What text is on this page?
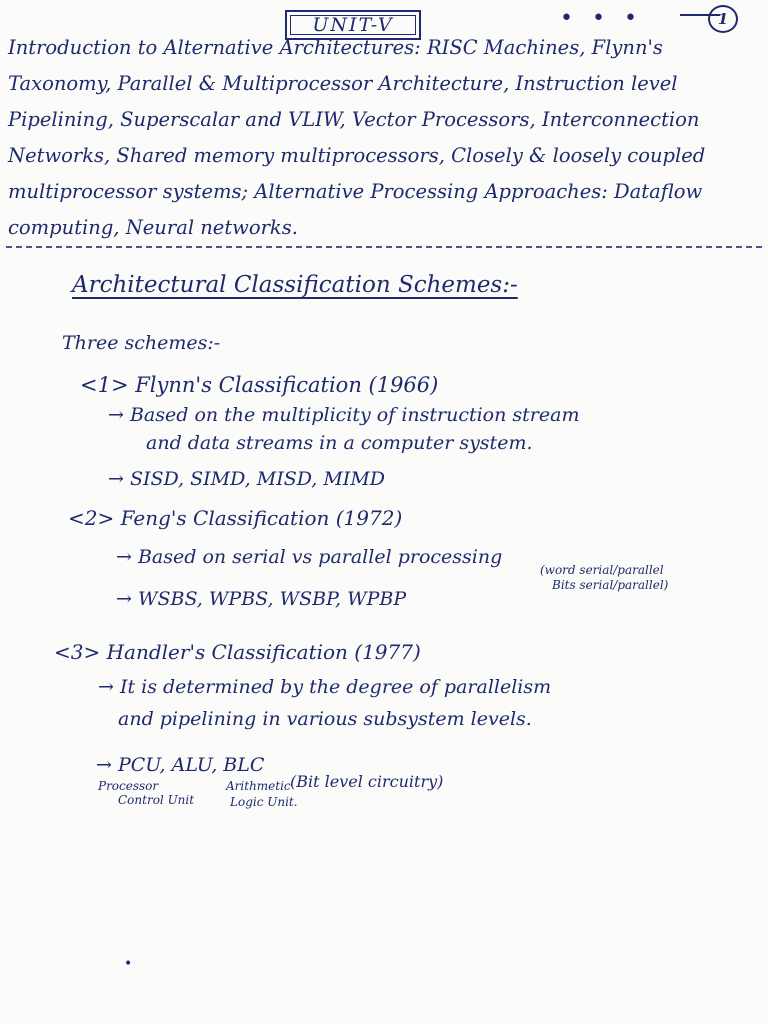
• • •
UNIT-V	1

Introduction to Alternative Architectures: RISC Machines, Flynn's Taxonomy, Parallel & Multiprocessor Architecture, Instruction level Pipelining, Superscalar and VLIW, Vector Processors, Interconnection Networks, Shared memory multiprocessors, Closely & loosely coupled multiprocessor systems; Alternative Processing Approaches: Dataflow computing, Neural networks.

Architectural Classification Schemes:-
Three schemes:-
<1> Flynn's Classification (1966)
→ Based on the multiplicity of instruction stream
and data streams in a computer system.
→ SISD, SIMD, MISD, MIMD
<2> Feng's Classification (1972)
→ Based on serial vs parallel processing
→ WSBS, WPBS, WSBP, WPBP
(word serial/parallel
Bits serial/parallel)
<3> Handler's Classification (1977)
→ It is determined by the degree of parallelism
and pipelining in various subsystem levels.
→ PCU, ALU, BLC
Processor
Control Unit
Arithmetic
Logic Unit.
(Bit level circuitry)
•
